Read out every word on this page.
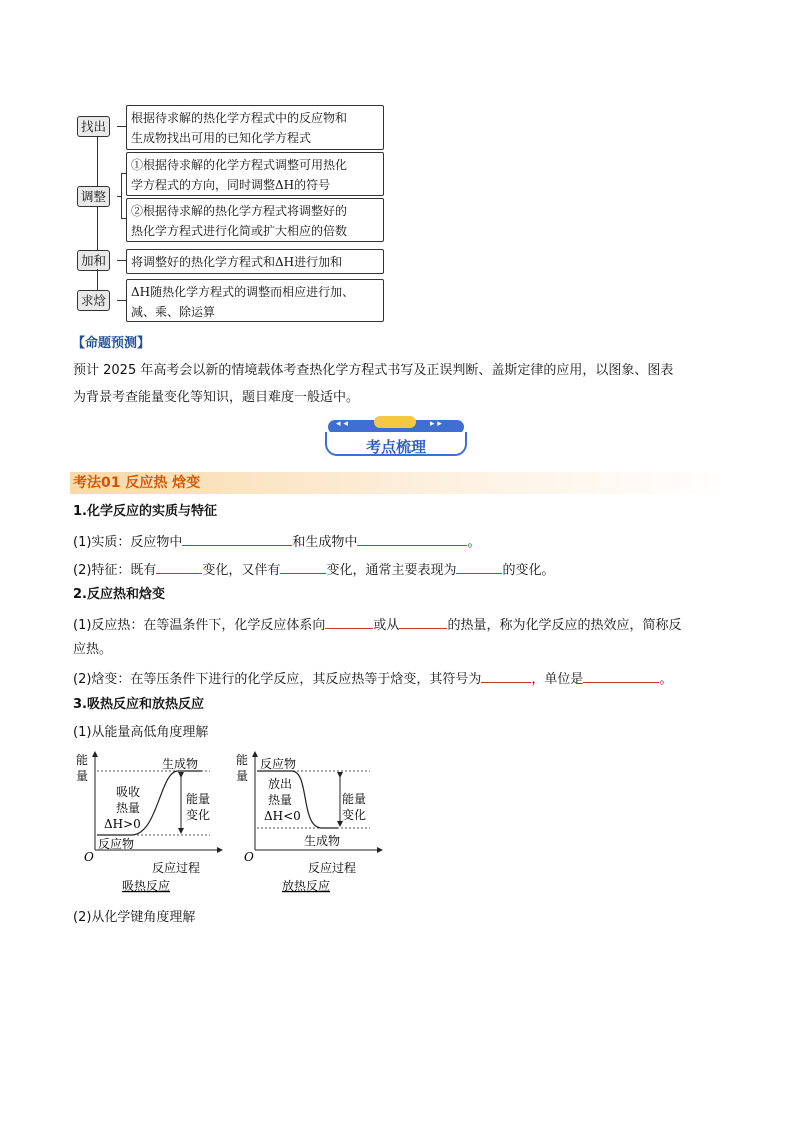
找出
根据待求解的热化学方程式中的反应物和
生成物找出可用的已知化学方程式
调整
①根据待求解的化学方程式调整可用热化
学方程式的方向，同时调整ΔH的符号
②根据待求解的热化学方程式将调整好的
热化学方程式进行化简或扩大相应的倍数
加和	将调整好的热化学方程式和ΔH进行加和
求焓
ΔH随热化学方程式的调整而相应进行加、
减、乘、除运算
【命题预测】
预计 2025 年高考会以新的情境载体考查热化学方程式书写及正误判断、盖斯定律的应用，以图象、图表
为背景考查能量变化等知识，题目难度一般适中。
◂ ◂	▸ ▸
考点梳理
考法01 反应热 焓变
1.化学反应的实质与特征
(1)实质：反应物中	和生成物中	。
(2)特征：既有	变化，又伴有	变化，通常主要表现为	的变化。
2.反应热和焓变
(1)反应热：在等温条件下，化学反应体系向	或从	的热量，称为化学反应的热效应，简称反
应热。
(2)焓变：在等压条件下进行的化学反应，其反应热等于焓变，其符号为	，单位是	。
3.吸热反应和放热反应
(1)从能量高低角度理解
能
量
O
生成物
反应物
吸收
热量
ΔH>0
能量
变化
反应过程
吸热反应
能
量
O
反应物
生成物
放出
热量
ΔH<0
能量
变化
反应过程
放热反应
(2)从化学键角度理解
